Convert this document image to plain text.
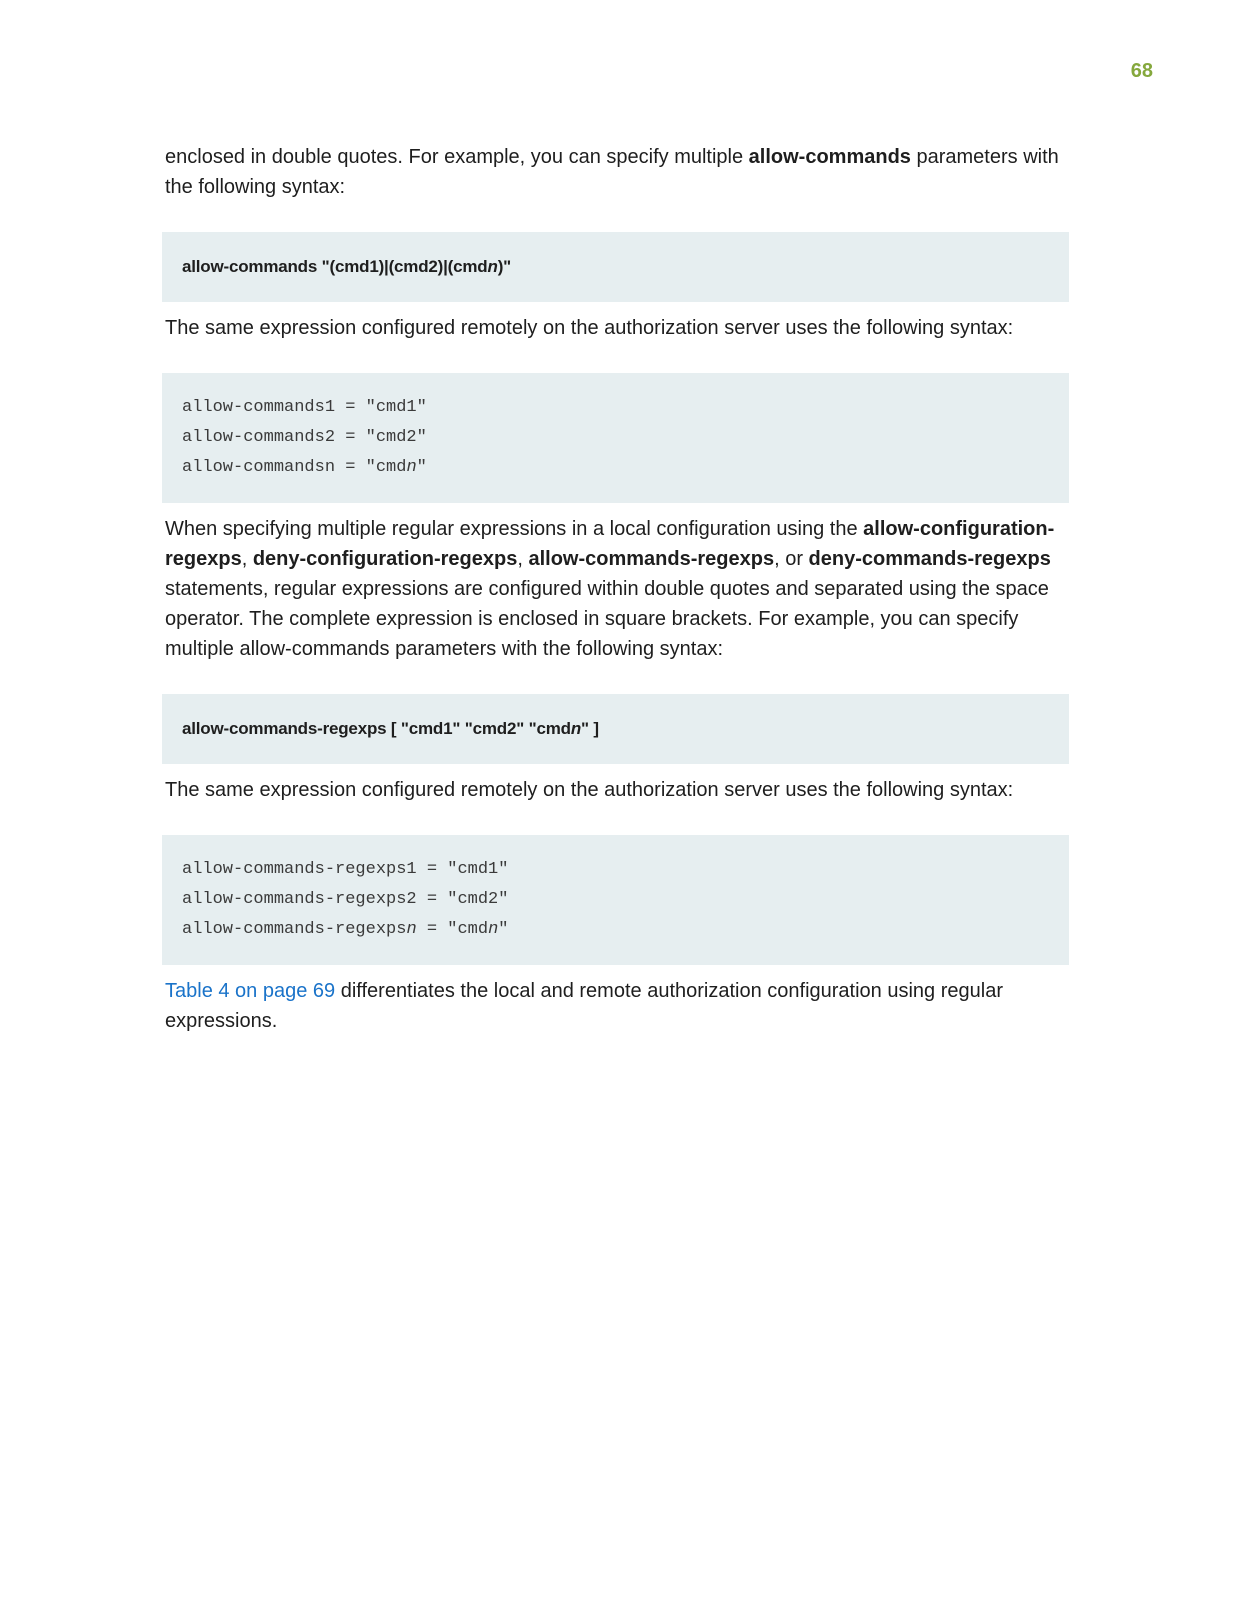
68

enclosed in double quotes. For example, you can specify multiple allow-commands parameters with the following syntax:

allow-commands "(cmd1)|(cmd2)|(cmd n )"

The same expression configured remotely on the authorization server uses the following syntax:

allow-commands1 = "cmd1"
allow-commands2 = "cmd2"
allow-commandsn = "cmdn"

When specifying multiple regular expressions in a local configuration using the allow-configuration-regexps, deny-configuration-regexps, allow-commands-regexps, or deny-commands-regexps statements, regular expressions are configured within double quotes and separated using the space operator. The complete expression is enclosed in square brackets. For example, you can specify multiple allow-commands parameters with the following syntax:

allow-commands-regexps [ "cmd1" "cmd2" "cmd n " ]

The same expression configured remotely on the authorization server uses the following syntax:

allow-commands-regexps1 = "cmd1"
allow-commands-regexps2 = "cmd2"
allow-commands-regexpsn = "cmdn"

Table 4 on page 69 differentiates the local and remote authorization configuration using regular expressions.
